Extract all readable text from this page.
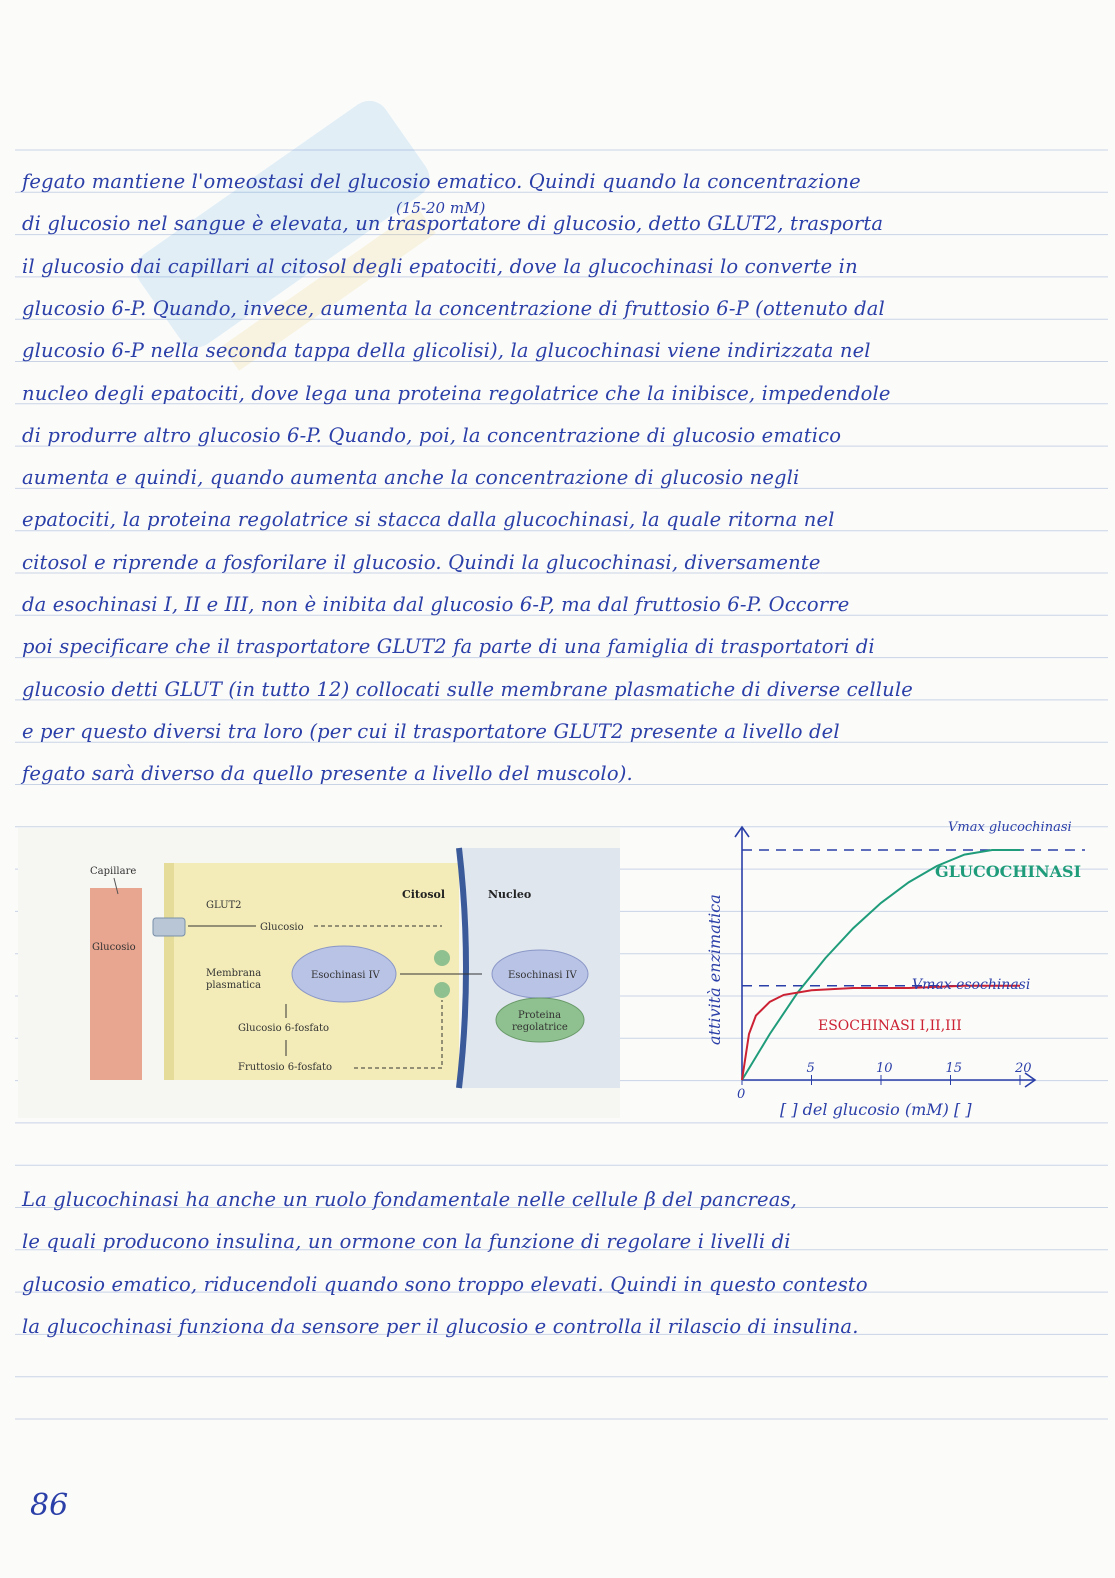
fegato mantiene l'omeostasi del glucosio ematico. Quindi quando la concentrazione
di glucosio nel sangue è elevata, un trasportatore di glucosio, detto GLUT2, trasporta
il glucosio dai capillari al citosol degli epatociti, dove la glucochinasi lo converte in
glucosio 6-P. Quando, invece, aumenta la concentrazione di fruttosio 6-P (ottenuto dal
glucosio 6-P nella seconda tappa della glicolisi), la glucochinasi viene indirizzata nel
nucleo degli epatociti, dove lega una proteina regolatrice che la inibisce, impedendole
di produrre altro glucosio 6-P. Quando, poi, la concentrazione di glucosio ematico
aumenta e quindi, quando aumenta anche la concentrazione di glucosio negli
epatociti, la proteina regolatrice si stacca dalla glucochinasi, la quale ritorna nel
citosol e riprende a fosforilare il glucosio. Quindi la glucochinasi, diversamente
da esochinasi I, II e III, non è inibita dal glucosio 6-P, ma dal fruttosio 6-P. Occorre
poi specificare che il trasportatore GLUT2 fa parte di una famiglia di trasportatori di
glucosio detti GLUT (in tutto 12) collocati sulle membrane plasmatiche di diverse cellule
e per questo diversi tra loro (per cui il trasportatore GLUT2 presente a livello del
fegato sarà diverso da quello presente a livello del muscolo).
(15-20 mM)
Capillare
Glucosio
GLUT2
Citosol	Nucleo
Glucosio
Membrana
plasmatica
Esochinasi IV	Esochinasi IV
Proteina
regolatrice
Glucosio 6-fosfato
Fruttosio 6-fosfato
0
5	10	15	20
Vmax glucochinasi
GLUCOCHINASI
Vmax esochinasi
ESOCHINASI I,II,III
attività enzimatica
[ ] del glucosio (mM) [ ]
La glucochinasi ha anche un ruolo fondamentale nelle cellule β del pancreas,
le quali producono insulina, un ormone con la funzione di regolare i livelli di
glucosio ematico, riducendoli quando sono troppo elevati. Quindi in questo contesto
la glucochinasi funziona da sensore per il glucosio e controlla il rilascio di insulina.
86
